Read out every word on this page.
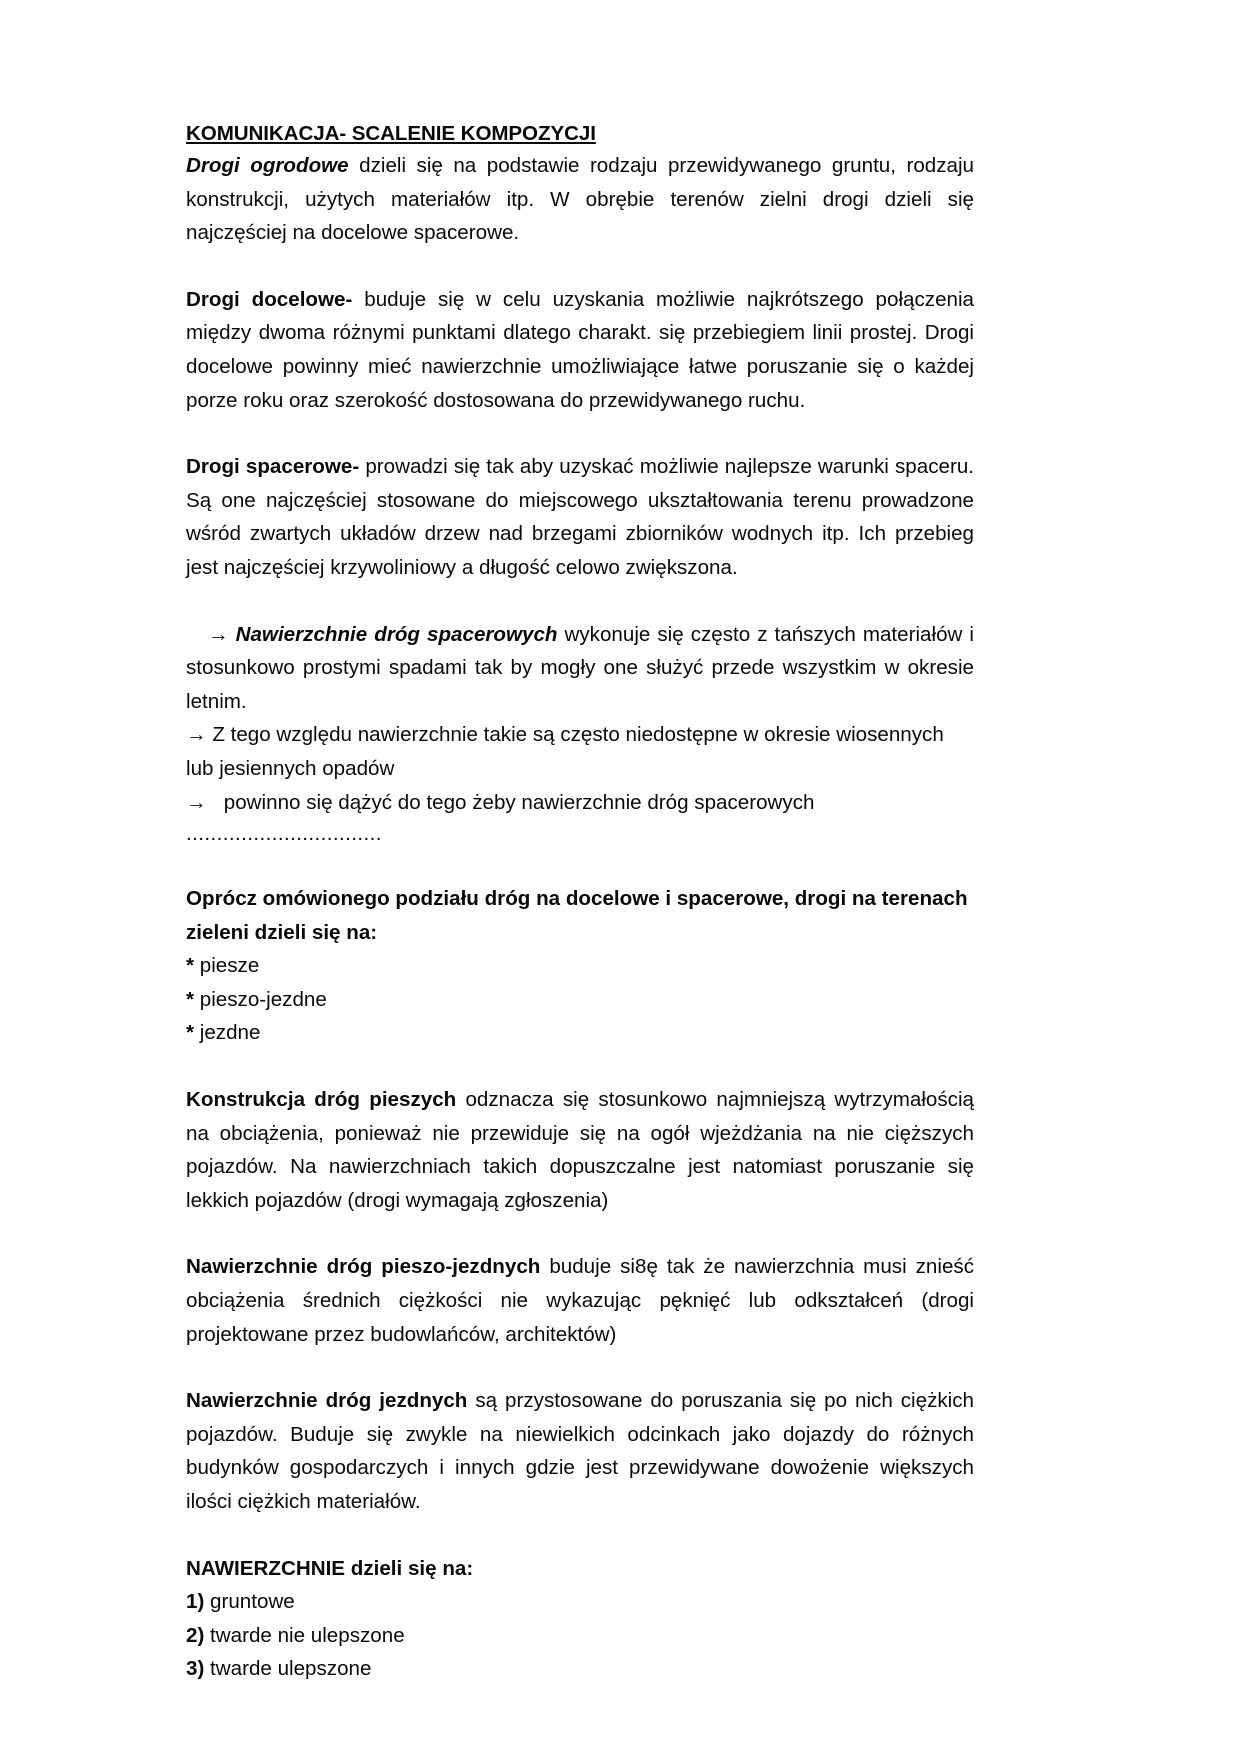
KOMUNIKACJA- SCALENIE KOMPOZYCJI

Drogi ogrodowe dzieli się na podstawie rodzaju przewidywanego gruntu, rodzaju konstrukcji, użytych materiałów itp. W obrębie terenów zielni drogi dzieli się najczęściej na docelowe spacerowe.

Drogi docelowe- buduje się w celu uzyskania możliwie najkrótszego połączenia między dwoma różnymi punktami dlatego charakt. się przebiegiem linii prostej. Drogi docelowe powinny mieć nawierzchnie umożliwiające łatwe poruszanie się o każdej porze roku oraz szerokość dostosowana do przewidywanego ruchu.

Drogi spacerowe- prowadzi się tak aby uzyskać możliwie najlepsze warunki spaceru. Są one najczęściej stosowane do miejscowego ukształtowania terenu prowadzone wśród zwartych układów drzew nad brzegami zbiorników wodnych itp. Ich przebieg jest najczęściej krzywoliniowy a długość celowo zwiększona.

→ Nawierzchnie dróg spacerowych wykonuje się często z tańszych materiałów i stosunkowo prostymi spadami tak by mogły one służyć przede wszystkim w okresie letnim.

→ Z tego względu nawierzchnie takie są często niedostępne w okresie wiosennych lub jesiennych opadów

→ powinno się dążyć do tego żeby nawierzchnie dróg spacerowych

................................

Oprócz omówionego podziału dróg na docelowe i spacerowe, drogi na terenach zieleni dzieli się na:

* piesze
* pieszo-jezdne
* jezdne

Konstrukcja dróg pieszych odznacza się stosunkowo najmniejszą wytrzymałością na obciążenia, ponieważ nie przewiduje się na ogół wjeżdżania na nie cięższych pojazdów. Na nawierzchniach takich dopuszczalne jest natomiast poruszanie się lekkich pojazdów (drogi wymagają zgłoszenia)

Nawierzchnie dróg pieszo-jezdnych buduje si8ę tak że nawierzchnia musi znieść obciążenia średnich ciężkości nie wykazując pęknięć lub odkształceń (drogi projektowane przez budowlańców, architektów)

Nawierzchnie dróg jezdnych są przystosowane do poruszania się po nich ciężkich pojazdów. Buduje się zwykle na niewielkich odcinkach jako dojazdy do różnych budynków gospodarczych i innych gdzie jest przewidywane dowożenie większych ilości ciężkich materiałów.

NAWIERZCHNIE dzieli się na:

1) gruntowe
2) twarde nie ulepszone
3) twarde ulepszone
